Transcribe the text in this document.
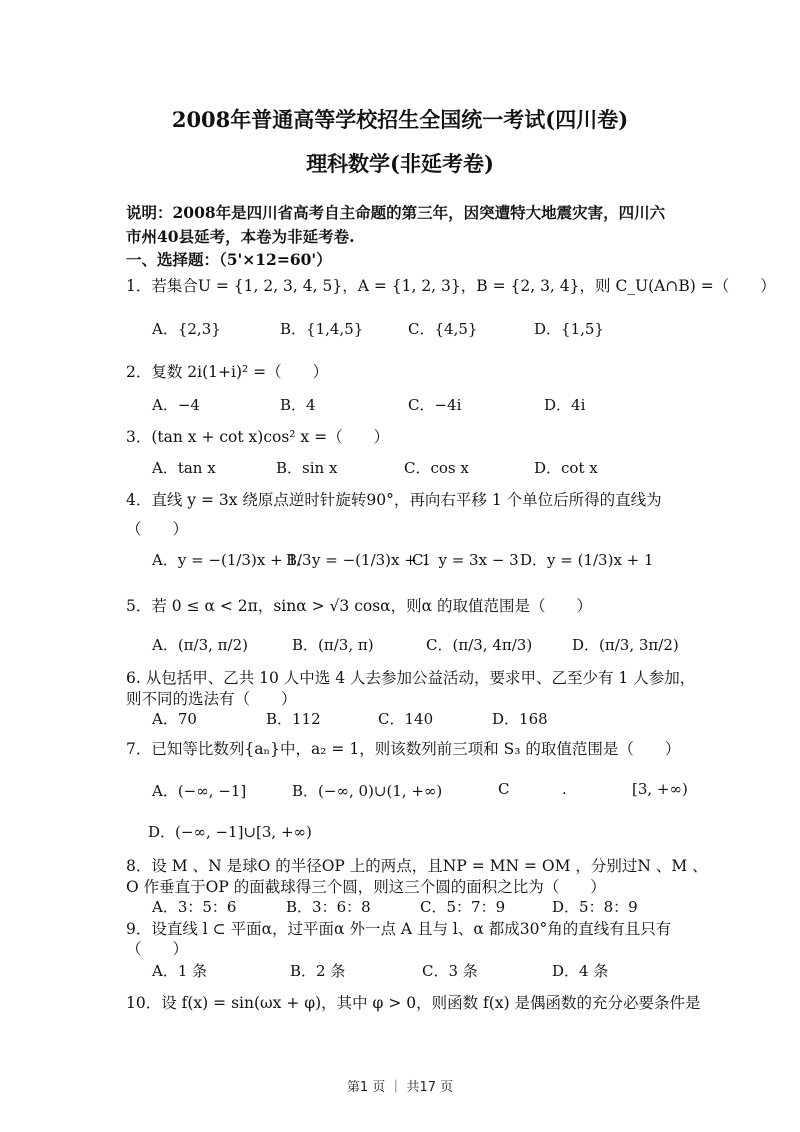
2008年普通高等学校招生全国统一考试(四川卷)
理科数学(非延考卷)
说明：2008年是四川省高考自主命题的第三年，因突遭特大地震灾害，四川六
市州40县延考，本卷为非延考卷.
一、选择题：（5'×12=60'）
1．若集合U = {1, 2, 3, 4, 5}，A = {1, 2, 3}，B = {2, 3, 4}，则 C_U(A∩B) =（　　）
A．{2,3}	B．{1,4,5}	C．{4,5}	D．{1,5}
2．复数 2i(1+i)² =（　　）
A．−4	B．4	C．−4i	D．4i
3．(tan x + cot x)cos² x =（　　）
A．tan x	B．sin x	C．cos x	D．cot x
4．直线 y = 3x 绕原点逆时针旋转90°，再向右平移 1 个单位后所得的直线为
（　　）
A．y = −(1/3)x + 1/3
B．y = −(1/3)x + 1
C．y = 3x − 3 D．y = (1/3)x + 1
5．若 0 ≤ α < 2π，sinα > √3 cosα，则α 的取值范围是（　　）
A．(π/3, π/2)	B．(π/3, π)	C．(π/3, 4π/3)	D．(π/3, 3π/2)
6. 从包括甲、乙共 10 人中选 4 人去参加公益活动，要求甲、乙至少有 1 人参加，
则不同的选法有（　　）
A．70	B．112	C．140	D．168
7．已知等比数列{aₙ}中，a₂ = 1，则该数列前三项和 S₃ 的取值范围是（　　）
A．(−∞, −1]	B．(−∞, 0)∪(1, +∞)	C	.	[3, +∞)
D．(−∞, −1]∪[3, +∞)
8．设 M 、N 是球O 的半径OP 上的两点，且NP = MN = OM ，分别过N 、M 、
O 作垂直于OP 的面截球得三个圆，则这三个圆的面积之比为（　　）
A．3：5：6	B．3：6：8	C．5：7：9	D．5：8：9
9．设直线 l ⊂ 平面α，过平面α 外一点 A 且与 l、α 都成30°角的直线有且只有
（　　）
A．1 条	B．2 条	C．3 条	D．4 条
10．设 f(x) = sin(ωx + φ)，其中 φ > 0，则函数 f(x) 是偶函数的充分必要条件是
第1 页 ｜ 共17 页
